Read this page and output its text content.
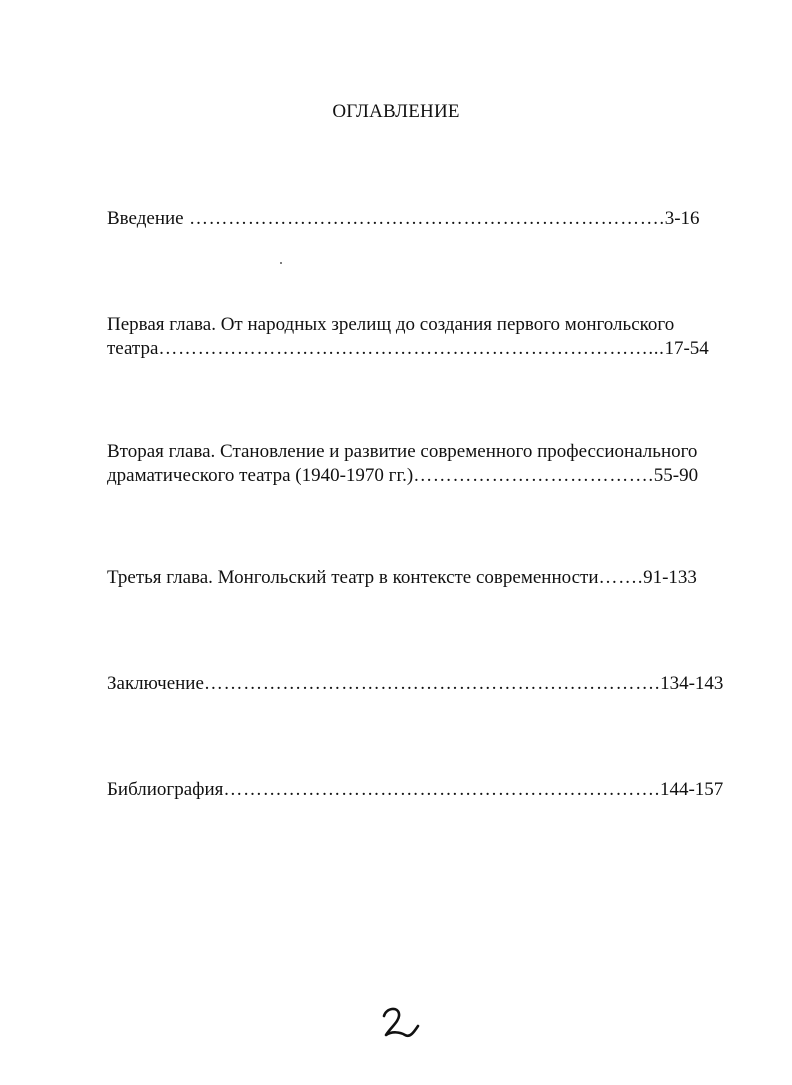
ОГЛАВЛЕНИЕ
Введение ……………………………………………………………….3-16
Первая глава. От народных зрелищ до создания первого монгольского
театра…………………………………………………………………...17-54
Вторая глава. Становление и развитие современного профессионального
драматического театра (1940-1970 гг.)……………………………….55-90
Третья глава. Монгольский театр в контексте современности…….91-133
Заключение…………………………………………………………….134-143
Библиография………………………………………………………….144-157
